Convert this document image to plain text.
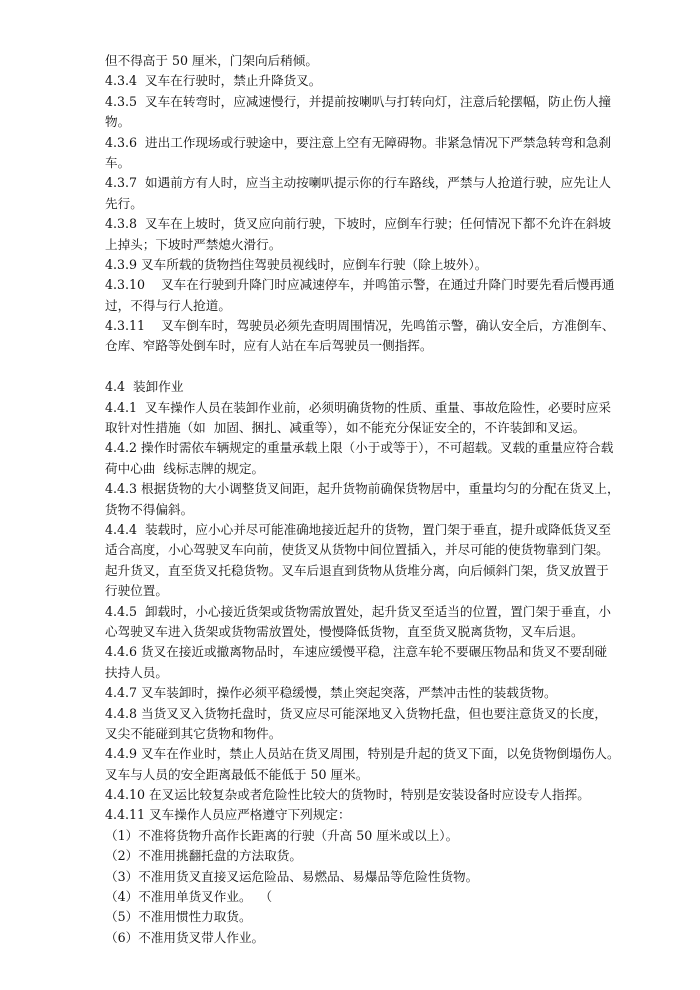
但不得高于 50 厘米，门架向后稍倾。
4.3.4  叉车在行驶时，禁止升降货叉。
4.3.5  叉车在转弯时，应减速慢行，并提前按喇叭与打转向灯，注意后轮摆幅，防止伤人撞
物。
4.3.6  进出工作现场或行驶途中，要注意上空有无障碍物。非紧急情况下严禁急转弯和急刹
车。
4.3.7  如遇前方有人时，应当主动按喇叭提示你的行车路线，严禁与人抢道行驶，应先让人
先行。
4.3.8  叉车在上坡时，货叉应向前行驶，下坡时，应倒车行驶；任何情况下都不允许在斜坡
上掉头；下坡时严禁熄火滑行。
4.3.9 叉车所载的货物挡住驾驶员视线时，应倒车行驶（除上坡外）。
4.3.10    叉车在行驶到升降门时应减速停车，并鸣笛示警，在通过升降门时要先看后慢再通
过，不得与行人抢道。
4.3.11    叉车倒车时，驾驶员必须先查明周围情况，先鸣笛示警，确认安全后，方准倒车、
仓库、窄路等处倒车时，应有人站在车后驾驶员一侧指挥。
4.4  装卸作业
4.4.1  叉车操作人员在装卸作业前，必须明确货物的性质、重量、事故危险性，必要时应采
取针对性措施（如  加固、捆扎、减重等），如不能充分保证安全的，不许装卸和叉运。
4.4.2 操作时需依车辆规定的重量承载上限（小于或等于），不可超载。叉载的重量应符合载
荷中心曲  线标志牌的规定。
4.4.3 根据货物的大小调整货叉间距，起升货物前确保货物居中，重量均匀的分配在货叉上，
货物不得偏斜。
4.4.4  装载时，应小心并尽可能准确地接近起升的货物，置门架于垂直，提升或降低货叉至
适合高度，小心驾驶叉车向前，使货叉从货物中间位置插入，并尽可能的使货物靠到门架。
起升货叉，直至货叉托稳货物。叉车后退直到货物从货堆分离，向后倾斜门架，货叉放置于
行驶位置。
4.4.5  卸载时，小心接近货架或货物需放置处，起升货叉至适当的位置，置门架于垂直，小
心驾驶叉车进入货架或货物需放置处，慢慢降低货物，直至货叉脱离货物，叉车后退。
4.4.6 货叉在接近或撤离物品时，车速应缓慢平稳，注意车轮不要碾压物品和货叉不要刮碰
扶持人员。
4.4.7 叉车装卸时，操作必须平稳缓慢，禁止突起突落，严禁冲击性的装载货物。
4.4.8 当货叉叉入货物托盘时，货叉应尽可能深地叉入货物托盘，但也要注意货叉的长度，
叉尖不能碰到其它货物和物件。
4.4.9 叉车在作业时，禁止人员站在货叉周围，特别是升起的货叉下面，以免货物倒塌伤人。
叉车与人员的安全距离最低不能低于 50 厘米。
4.4.10 在叉运比较复杂或者危险性比较大的货物时，特别是安装设备时应设专人指挥。
4.4.11 叉车操作人员应严格遵守下列规定：
（1）不准将货物升高作长距离的行驶（升高 50 厘米或以上）。
（2）不准用挑翻托盘的方法取货。
（3）不准用货叉直接叉运危险品、易燃品、易爆品等危险性货物。
（4）不准用单货叉作业。  （
（5）不准用惯性力取货。
（6）不准用货叉带人作业。
